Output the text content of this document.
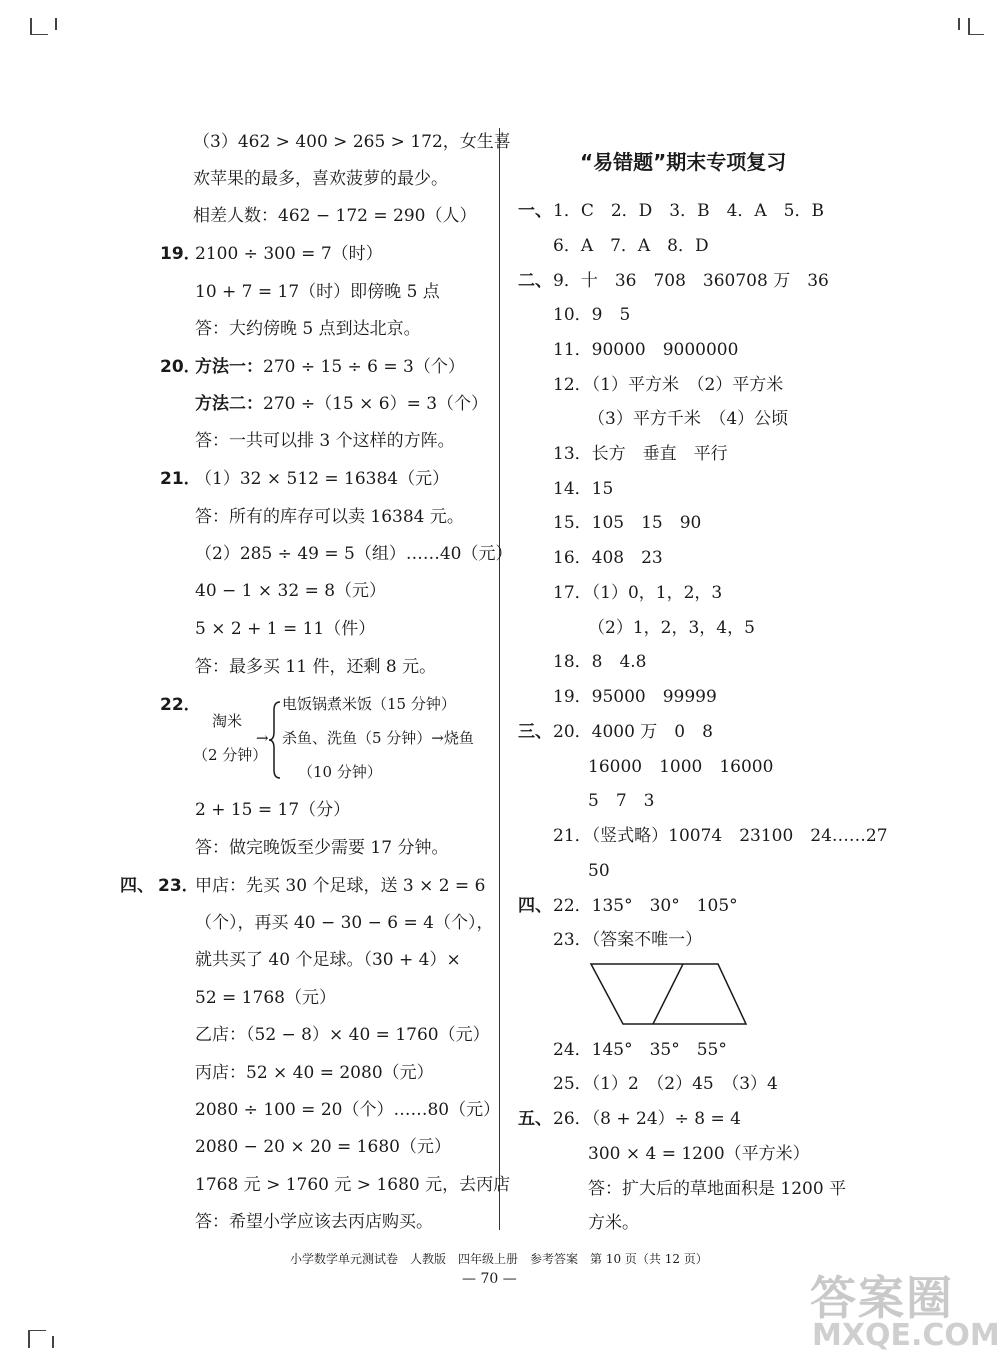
（3）462 > 400 > 265 > 172，女生喜
欢苹果的最多，喜欢菠萝的最少。
相差人数：462 − 172 = 290（人）
19．
2100 ÷ 300 = 7（时）
10 + 7 = 17（时）即傍晚 5 点
答：大约傍晚 5 点到达北京。
20．
方法一：270 ÷ 15 ÷ 6 = 3（个）
方法二：270 ÷（15 × 6）= 3（个）
答：一共可以排 3 个这样的方阵。
21．
（1）32 × 512 = 16384（元）
答：所有的库存可以卖 16384 元。
（2）285 ÷ 49 = 5（组）……40（元）
40 − 1 × 32 = 8（元）
5 × 2 + 1 = 11（件）
答：最多买 11 件，还剩 8 元。
22．
淘米
（2 分钟）
→
电饭锅煮米饭（15 分钟）
杀鱼、洗鱼（5 分钟）→烧鱼
（10 分钟）
2 + 15 = 17（分）
答：做完晚饭至少需要 17 分钟。
四、 23．
甲店：先买 30 个足球，送 3 × 2 = 6
（个），再买 40 − 30 − 6 = 4（个），
就共买了 40 个足球。（30 + 4）×
52 = 1768（元）
乙店：（52 − 8）× 40 = 1760（元）
丙店：52 × 40 = 2080（元）
2080 ÷ 100 = 20（个）……80（元）
2080 − 20 × 20 = 1680（元）
1768 元 > 1760 元 > 1680 元，去丙店
答：希望小学应该去丙店购买。
“易错题”期末专项复习
一、 1．C　2．D　3．B　4．A　5．B
6．A　7．A　8．D
二、 9．十　36　708　360708 万　36
10．9　5
11．90000　9000000
12．（1）平方米　（2）平方米
（3）平方千米　（4）公顷
13．长方　垂直　平行
14．15
15．105　15　90
16．408　23
17．（1）0，1，2，3
（2）1，2，3，4，5
18．8　4.8
19．95000　99999
三、 20．4000 万　0　8
16000　1000　16000
5　7　3
21．（竖式略）10074　23100　24……27
50
四、 22．135°　30°　105°
23．（答案不唯一）
24．145°　35°　55°
25．（1）2　（2）45　（3）4
五、 26．（8 + 24）÷ 8 = 4
300 × 4 = 1200（平方米）
答：扩大后的草地面积是 1200 平
方米。
小学数学单元测试卷　人教版　四年级上册　参考答案　第 10 页（共 12 页）
— 70 —	答案圈
MXQE.COM
